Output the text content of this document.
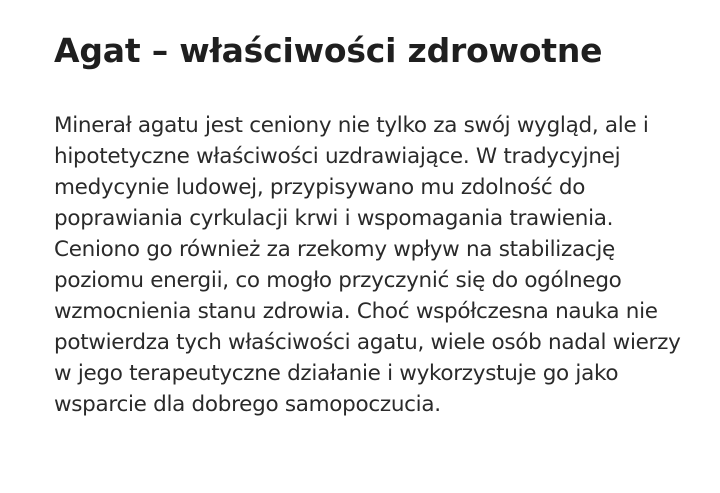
Agat – właściwości zdrowotne

Minerał agatu jest ceniony nie tylko za swój wygląd, ale i hipotetyczne właściwości uzdrawiające. W tradycyjnej medycynie ludowej, przypisywano mu zdolność do poprawiania cyrkulacji krwi i wspomagania trawienia. Ceniono go również za rzekomy wpływ na stabilizację poziomu energii, co mogło przyczynić się do ogólnego wzmocnienia stanu zdrowia. Choć współczesna nauka nie potwierdza tych właściwości agatu, wiele osób nadal wierzy w jego terapeutyczne działanie i wykorzystuje go jako wsparcie dla dobrego samopoczucia.
